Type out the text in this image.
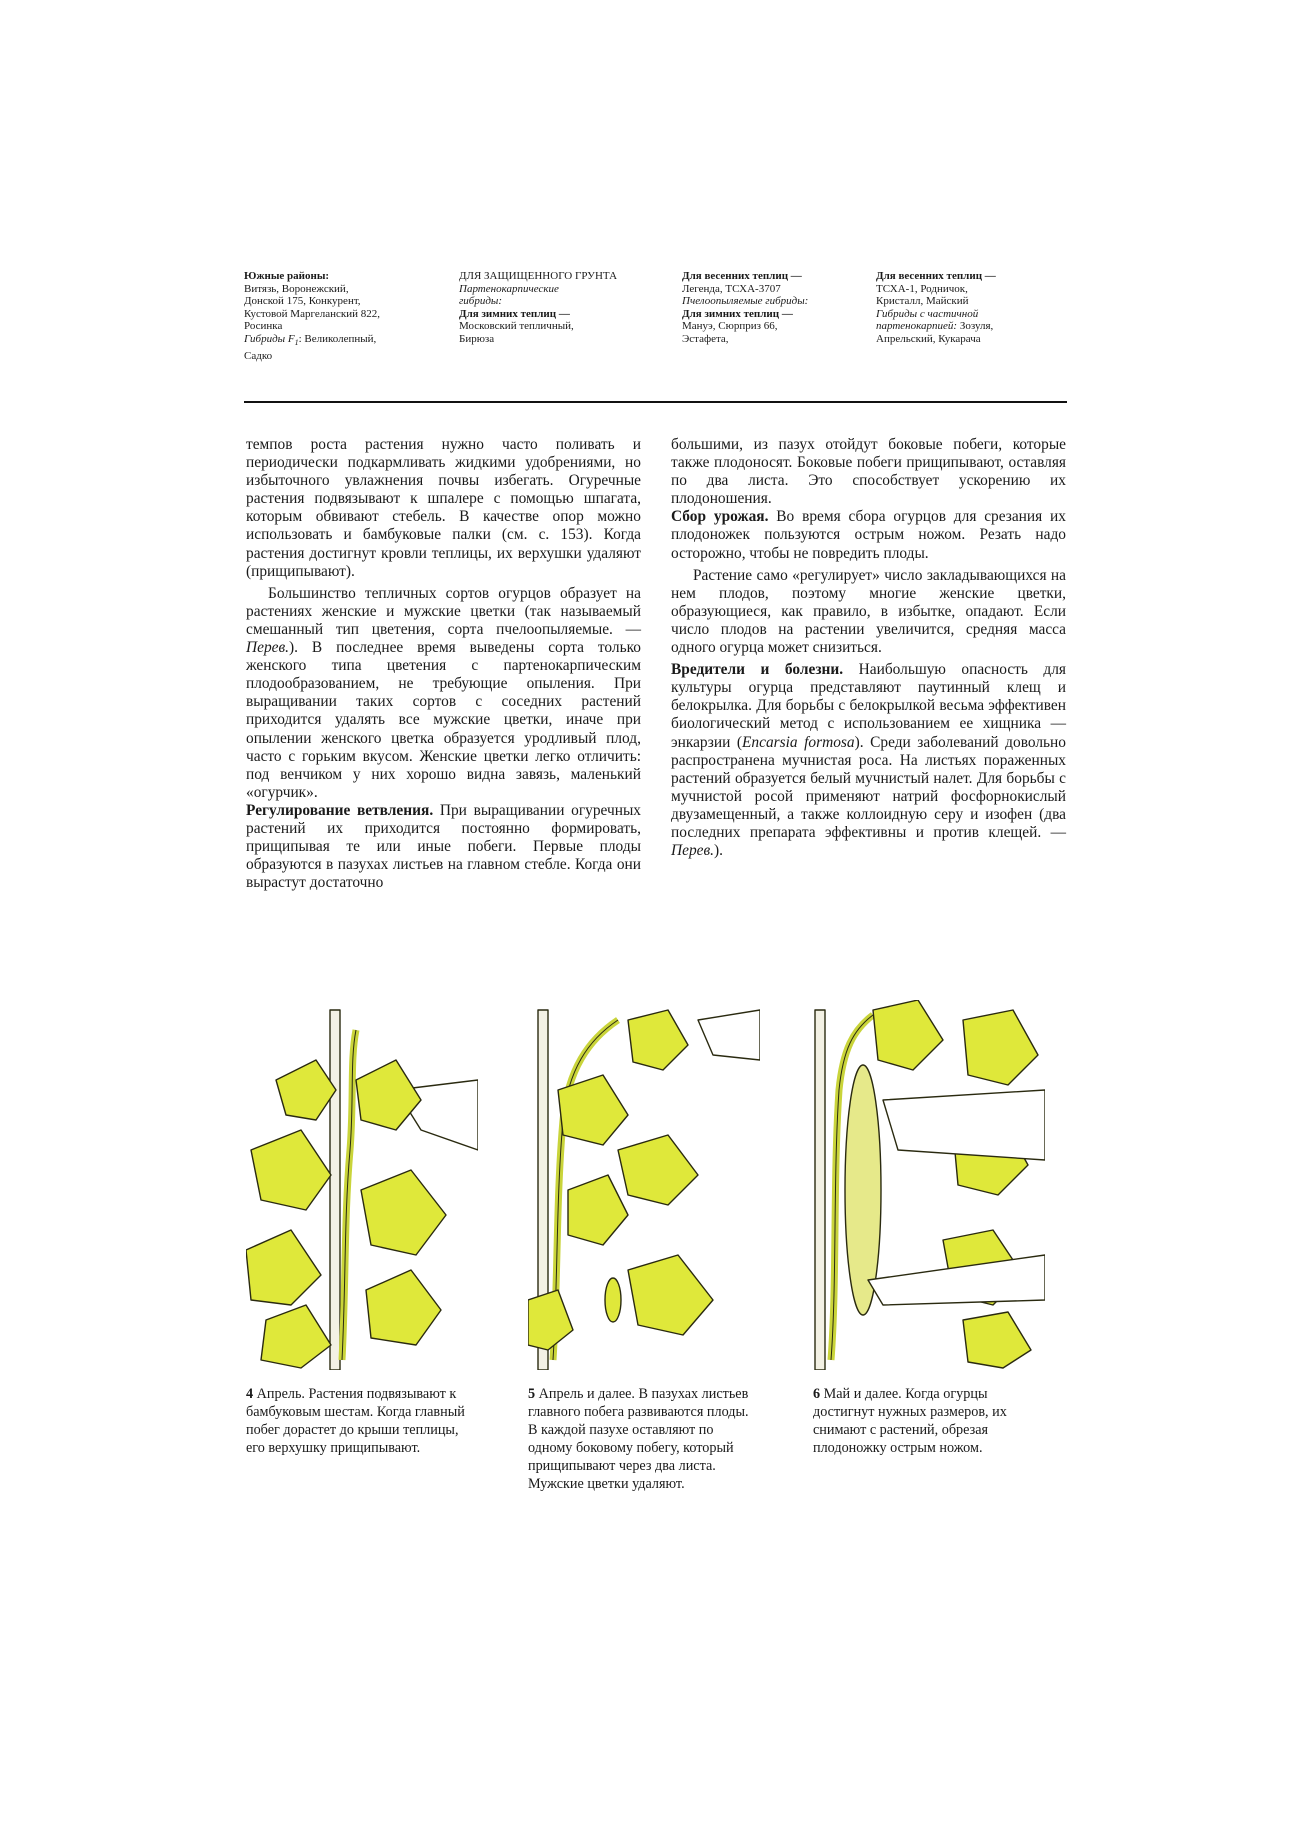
Южные районы:
Витязь, Воронежский,
Донской 175, Конкурент,
Кустовой Маргеланский 822,
Росинка
Гибриды $F_1$: Великолепный,
Садко
ДЛЯ ЗАЩИЩЕННОГО ГРУНТА
Партенокарпические
гибриды:
Для зимних теплиц —
Московский тепличный,
Бирюза
Для весенних теплиц —
Легенда, ТСХА-3707
Пчелоопыляемые гибриды:
Для зимних теплиц —
Мануэ, Сюрприз 66,
Эстафета,
Для весенних теплиц —
ТСХА-1, Родничок,
Кристалл, Майский
Гибриды с частичной
партенокарпией: Зозуля,
Апрельский, Кукарача

темпов роста растения нужно часто поливать и периодически подкармливать жидкими удобрениями, но избыточного увлажнения почвы избегать. Огуречные растения подвязывают к шпалере с помощью шпагата, которым обвивают стебель. В качестве опор можно использовать и бамбуковые палки (см. с. 153). Когда растения достигнут кровли теплицы, их верхушки удаляют (прищипывают).

Большинство тепличных сортов огурцов образует на растениях женские и мужские цветки (так называемый смешанный тип цветения, сорта пчелоопыляемые. — Перев.). В последнее время выведены сорта только женского типа цветения с партенокарпическим плодообразованием, не требующие опыления. При выращивании таких сортов с соседних растений приходится удалять все мужские цветки, иначе при опылении женского цветка образуется уродливый плод, часто с горьким вкусом. Женские цветки легко отличить: под венчиком у них хорошо видна завязь, маленький «огурчик».

Регулирование ветвления. При выращивании огуречных растений их приходится постоянно формировать, прищипывая те или иные побеги. Первые плоды образуются в пазухах листьев на главном стебле. Когда они вырастут достаточно

большими, из пазух отойдут боковые побеги, которые также плодоносят. Боковые побеги прищипывают, оставляя по два листа. Это способствует ускорению их плодоношения.

Сбор урожая. Во время сбора огурцов для срезания их плодоножек пользуются острым ножом. Резать надо осторожно, чтобы не повредить плоды.

Растение само «регулирует» число закладывающихся на нем плодов, поэтому многие женские цветки, образующиеся, как правило, в избытке, опадают. Если число плодов на растении увеличится, средняя масса одного огурца может снизиться.

Вредители и болезни. Наибольшую опасность для культуры огурца представляют паутинный клещ и белокрылка. Для борьбы с белокрылкой весьма эффективен биологический метод с использованием ее хищника — энкарзии (Encarsia formosa). Среди заболеваний довольно распространена мучнистая роса. На листьях пораженных растений образуется белый мучнистый налет. Для борьбы с мучнистой росой применяют натрий фосфорнокислый двузамещенный, а также коллоидную серу и изофен (два последних препарата эффективны и против клещей. — Перев.).

4 Апрель. Растения подвязывают к бамбуковым шестам. Когда главный побег дорастет до крыши теплицы, его верхушку прищипывают.
5 Апрель и далее. В пазухах листьев главного побега развиваются плоды. В каждой пазухе оставляют по одному боковому побегу, который прищипывают через два листа. Мужские цветки удаляют.
6 Май и далее. Когда огурцы достигнут нужных размеров, их снимают с растений, обрезая плодоножку острым ножом.
